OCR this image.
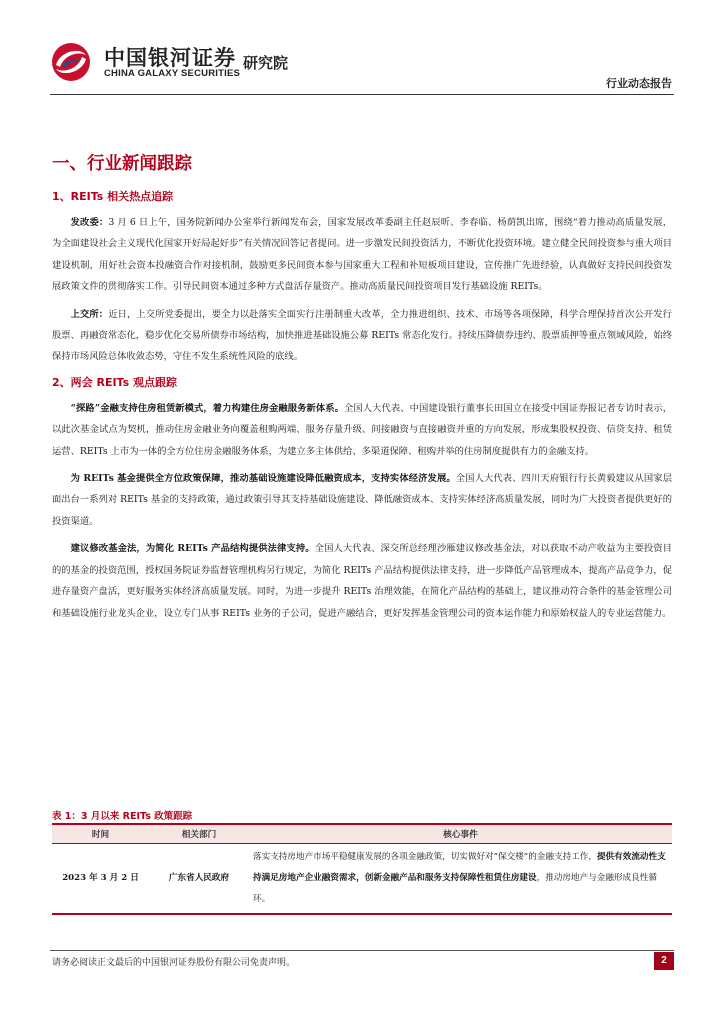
中国银河证券
CHINA GALAXY SECURITIES
研究院
行业动态报告
一、行业新闻跟踪
1、REITs 相关热点追踪

发改委：3 月 6 日上午，国务院新闻办公室举行新闻发布会，国家发展改革委副主任赵辰昕、李春临、杨荫凯出席，围绕“着力推动高质量发展，为全面建设社会主义现代化国家开好局起好步”有关情况回答记者提问。进一步激发民间投资活力，不断优化投资环境。建立健全民间投资参与重大项目建设机制，用好社会资本投融资合作对接机制，鼓励更多民间资本参与国家重大工程和补短板项目建设，宣传推广先进经验，认真做好支持民间投资发展政策文件的贯彻落实工作。引导民间资本通过多种方式盘活存量资产。推动高质量民间投资项目发行基础设施 REITs。

上交所：近日，上交所党委提出，要全力以赴落实全面实行注册制重大改革，全力推进组织、技术、市场等各项保障，科学合理保持首次公开发行股票、再融资常态化，稳步优化交易所债券市场结构，加快推进基础设施公募 REITs 常态化发行。持续压降债券违约、股票质押等重点领域风险，始终保持市场风险总体收敛态势，守住不发生系统性风险的底线。

2、两会 REITs 观点跟踪

“探路”金融支持住房租赁新模式，着力构建住房金融服务新体系。全国人大代表、中国建设银行董事长田国立在接受中国证券报记者专访时表示，以此次基金试点为契机，推动住房金融业务向覆盖租购两端、服务存量升级、间接融资与直接融资并重的方向发展，形成集股权投资、信贷支持、租赁运营、REITs 上市为一体的全方位住房金融服务体系，为建立多主体供给、多渠道保障、租购并举的住房制度提供有力的金融支持。

为 REITs 基金提供全方位政策保障，推动基础设施建设降低融资成本，支持实体经济发展。全国人大代表、四川天府银行行长黄毅建议从国家层面出台一系列对 REITs 基金的支持政策，通过政策引导其支持基础设施建设、降低融资成本、支持实体经济高质量发展，同时为广大投资者提供更好的投资渠道。

建议修改基金法，为简化 REITs 产品结构提供法律支持。全国人大代表、深交所总经理沙雁建议修改基金法，对以获取不动产收益为主要投资目的的基金的投资范围，授权国务院证券监督管理机构另行规定，为简化 REITs 产品结构提供法律支持，进一步降低产品管理成本，提高产品竞争力，促进存量资产盘活，更好服务实体经济高质量发展。同时，为进一步提升 REITs 治理效能，在简化产品结构的基础上，建议推动符合条件的基金管理公司和基础设施行业龙头企业，设立专门从事 REITs 业务的子公司，促进产融结合，更好发挥基金管理公司的资本运作能力和原始权益人的专业运营能力。

表 1：3 月以来 REITs 政策跟踪
时间	相关部门	核心事件
2023 年 3 月 2 日	广东省人民政府	落实支持房地产市场平稳健康发展的各项金融政策，切实做好对“保交楼”的金融支持工作，提供有效流动性支持满足房地产企业融资需求，创新金融产品和服务支持保障性租赁住房建设，推动房地产与金融形成良性循环。
请务必阅读正文最后的中国银河证券股份有限公司免责声明。	2
